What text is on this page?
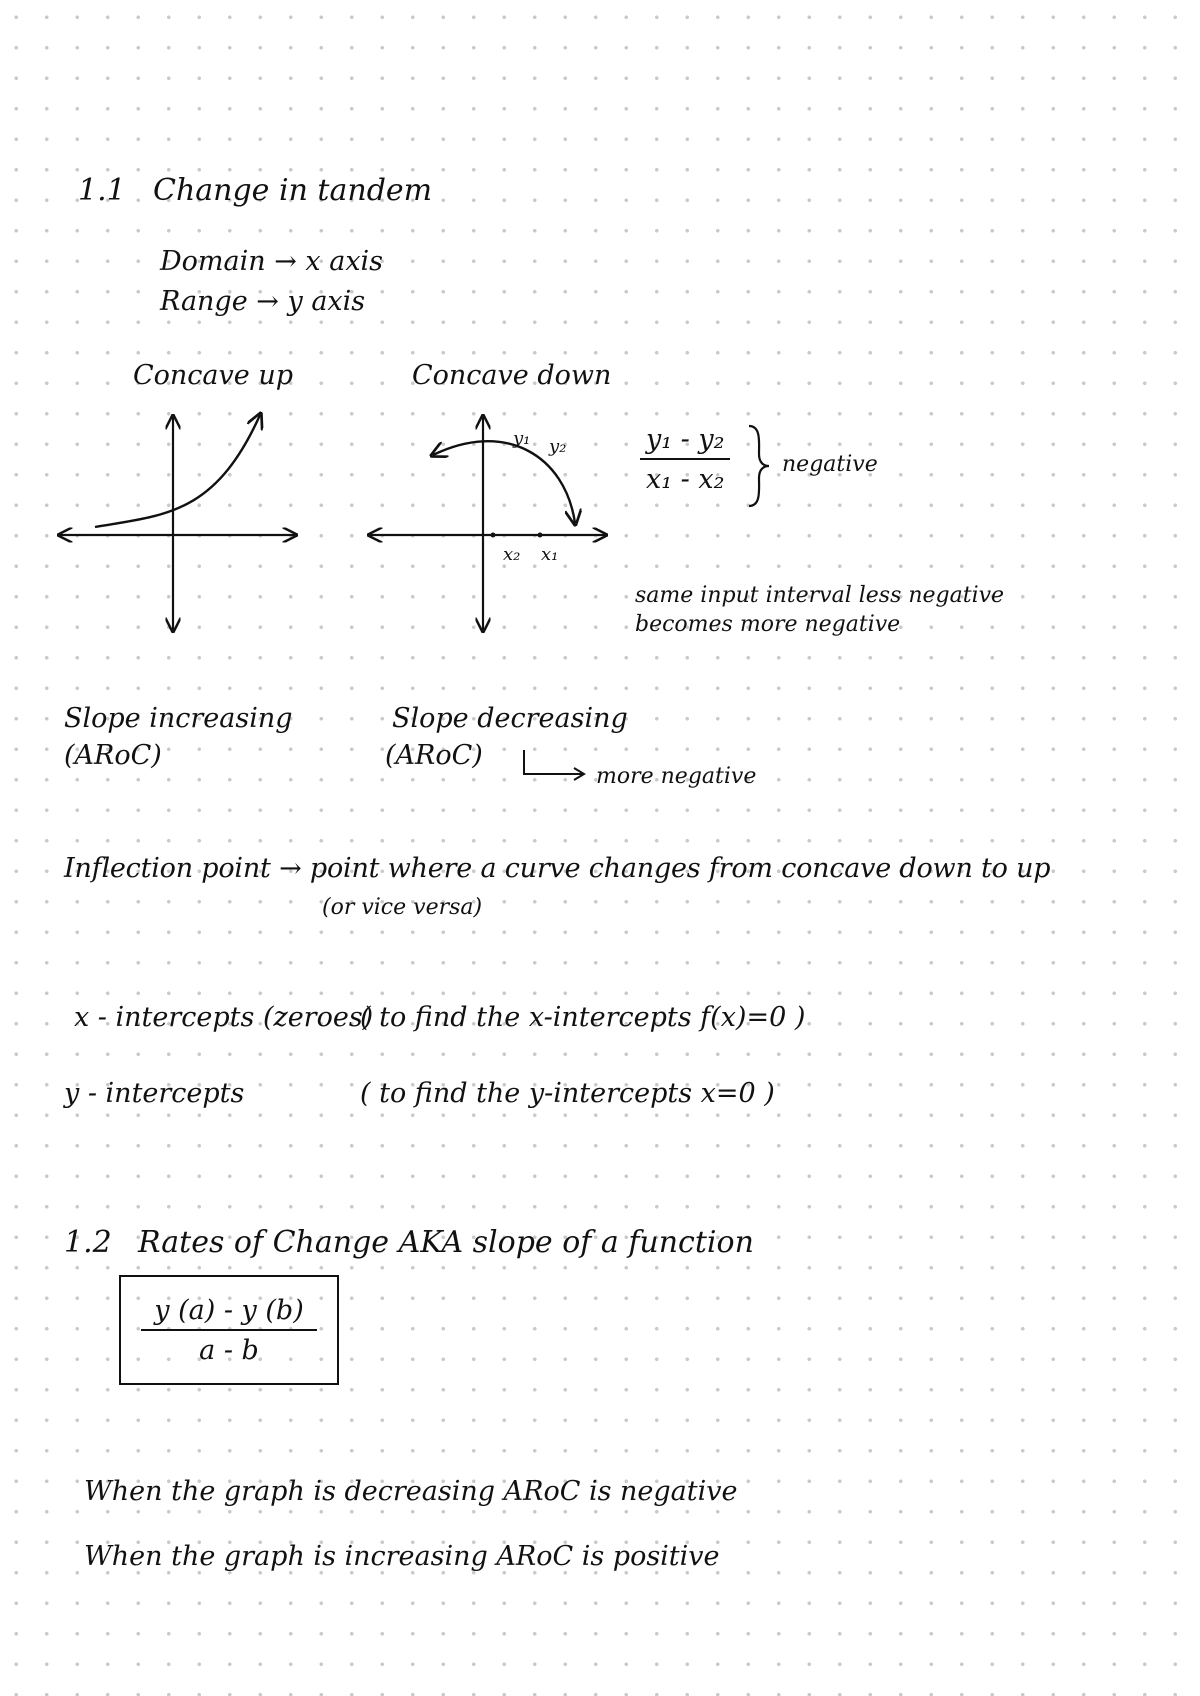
1.1 Change in tandem
Domain → x axis
Range → y axis
Concave up	Concave down
y₁ y₂
x₂ x₁
$\frac{\text{y₁ - y₂}}{\text{x₁ - x₂}}$ negative
same input interval less negative
becomes more negative
Slope increasing
(ARoC)
Slope decreasing
(ARoC)
more negative
Inflection point → point where a curve changes from concave down to up
(or vice versa)
x - intercepts (zeroes)
( to find the x-intercepts f(x)=0 )
y - intercepts	( to find the y-intercepts x=0 )
1.2 Rates of Change AKA slope of a function
$\frac{y (a) - y (b)}{a - b}$
When the graph is decreasing ARoC is negative
When the graph is increasing ARoC is positive
